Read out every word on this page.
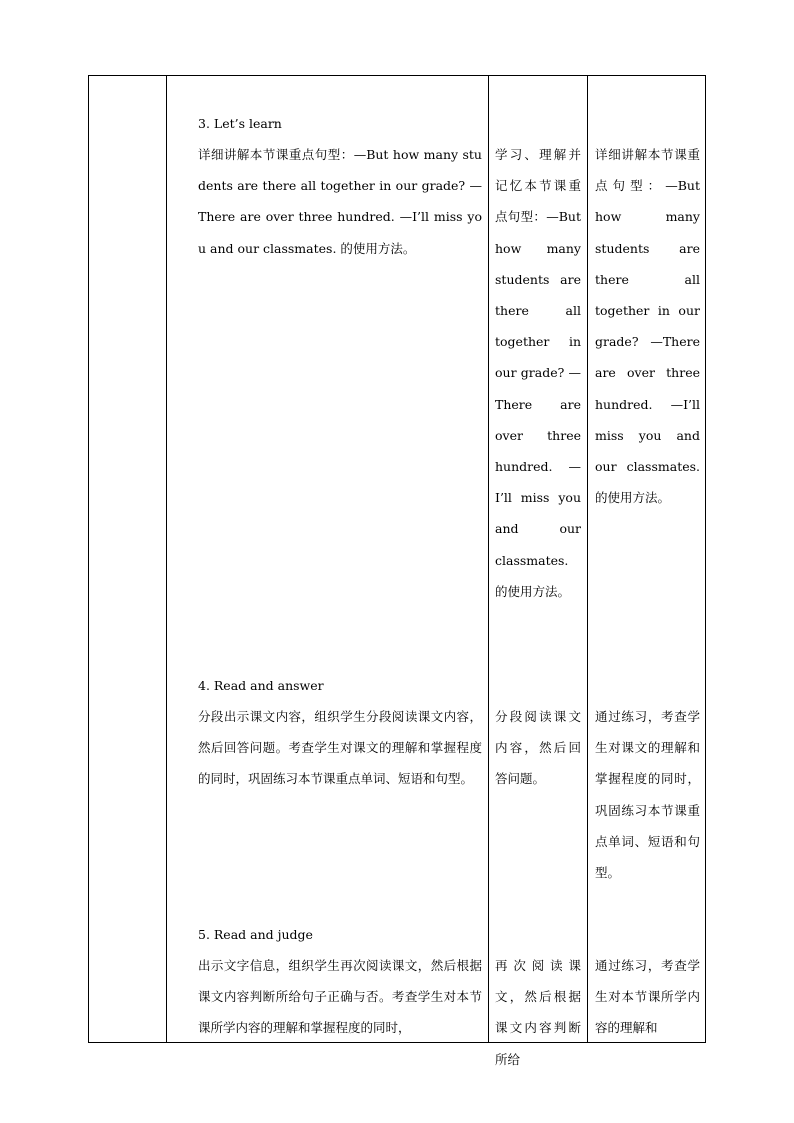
3. Let’s learn
详细讲解本节课重点句型：—But how many students are there all together in our grade? —There are over three hundred. —I’ll miss you and our classmates. 的使用方法。
学习、理解并记忆本节课重点句型：—But how many students are there all together in our grade? —There are over three hundred. —I’ll miss you and our classmates. 的使用方法。
详细讲解本节课重点句型：—But how many students are there all together in our grade? —There are over three hundred. —I’ll miss you and our classmates. 的使用方法。
4. Read and answer
分段出示课文内容，组织学生分段阅读课文内容，然后回答问题。考查学生对课文的理解和掌握程度的同时，巩固练习本节课重点单词、短语和句型。
分段阅读课文内容，然后回答问题。
通过练习，考查学生对课文的理解和掌握程度的同时，巩固练习本节课重点单词、短语和句型。
5. Read and judge
出示文字信息，组织学生再次阅读课文，然后根据课文内容判断所给句子正确与否。考查学生对本节课所学内容的理解和掌握程度的同时，
再次阅读课文，然后根据课文内容判断所给
通过练习，考查学生对本节课所学内容的理解和
